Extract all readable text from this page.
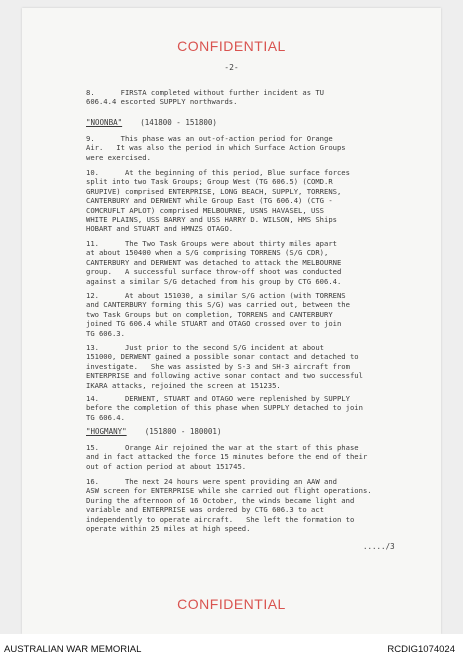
CONFIDENTIAL
-2-

8.      FIRSTA completed without further incident as TU
606.4.4 escorted SUPPLY northwards.

"NOONBA" (141800 - 151800)

9.      This phase was an out-of-action period for Orange
Air.   It was also the period in which Surface Action Groups
were exercised.

10.      At the beginning of this period, Blue surface forces
split into two Task Groups; Group West (TG 606.5) (COMD.R
GRUPIVE) comprised ENTERPRISE, LONG BEACH, SUPPLY, TORRENS,
CANTERBURY and DERWENT while Group East (TG 606.4) (CTG -
COMCRUFLT APLOT) comprised MELBOURNE, USNS HAVASEL, USS
WHITE PLAINS, USS BARRY and USS HARRY D. WILSON, HMS Ships
HOBART and STUART and HMNZS OTAGO.

11.      The Two Task Groups were about thirty miles apart
at about 150400 when a S/G comprising TORRENS (S/G CDR),
CANTERBURY and DERWENT was detached to attack the MELBOURNE
group.   A successful surface throw-off shoot was conducted
against a similar S/G detached from his group by CTG 606.4.

12.      At about 151030, a similar S/G action (with TORRENS
and CANTERBURY forming this S/G) was carried out, between the
two Task Groups but on completion, TORRENS and CANTERBURY
joined TG 606.4 while STUART and OTAGO crossed over to join
TG 606.3.

13.      Just prior to the second S/G incident at about
151000, DERWENT gained a possible sonar contact and detached to
investigate.   She was assisted by S-3 and SH-3 aircraft from
ENTERPRISE and following active sonar contact and two successful
IKARA attacks, rejoined the screen at 151235.

14.      DERWENT, STUART and OTAGO were replenished by SUPPLY
before the completion of this phase when SUPPLY detached to join
TG 606.4.

"HOGMANY" (151800 - 180001)

15.      Orange Air rejoined the war at the start of this phase
and in fact attacked the force 15 minutes before the end of their
out of action period at about 151745.

16.      The next 24 hours were spent providing an AAW and
ASW screen for ENTERPRISE while she carried out flight operations.
During the afternoon of 16 October, the winds became light and
variable and ENTERPRISE was ordered by CTG 606.3 to act
independently to operate aircraft.   She left the formation to
operate within 25 miles at high speed.

...../3
CONFIDENTIAL
AUSTRALIAN WAR MEMORIAL	RCDIG1074024
